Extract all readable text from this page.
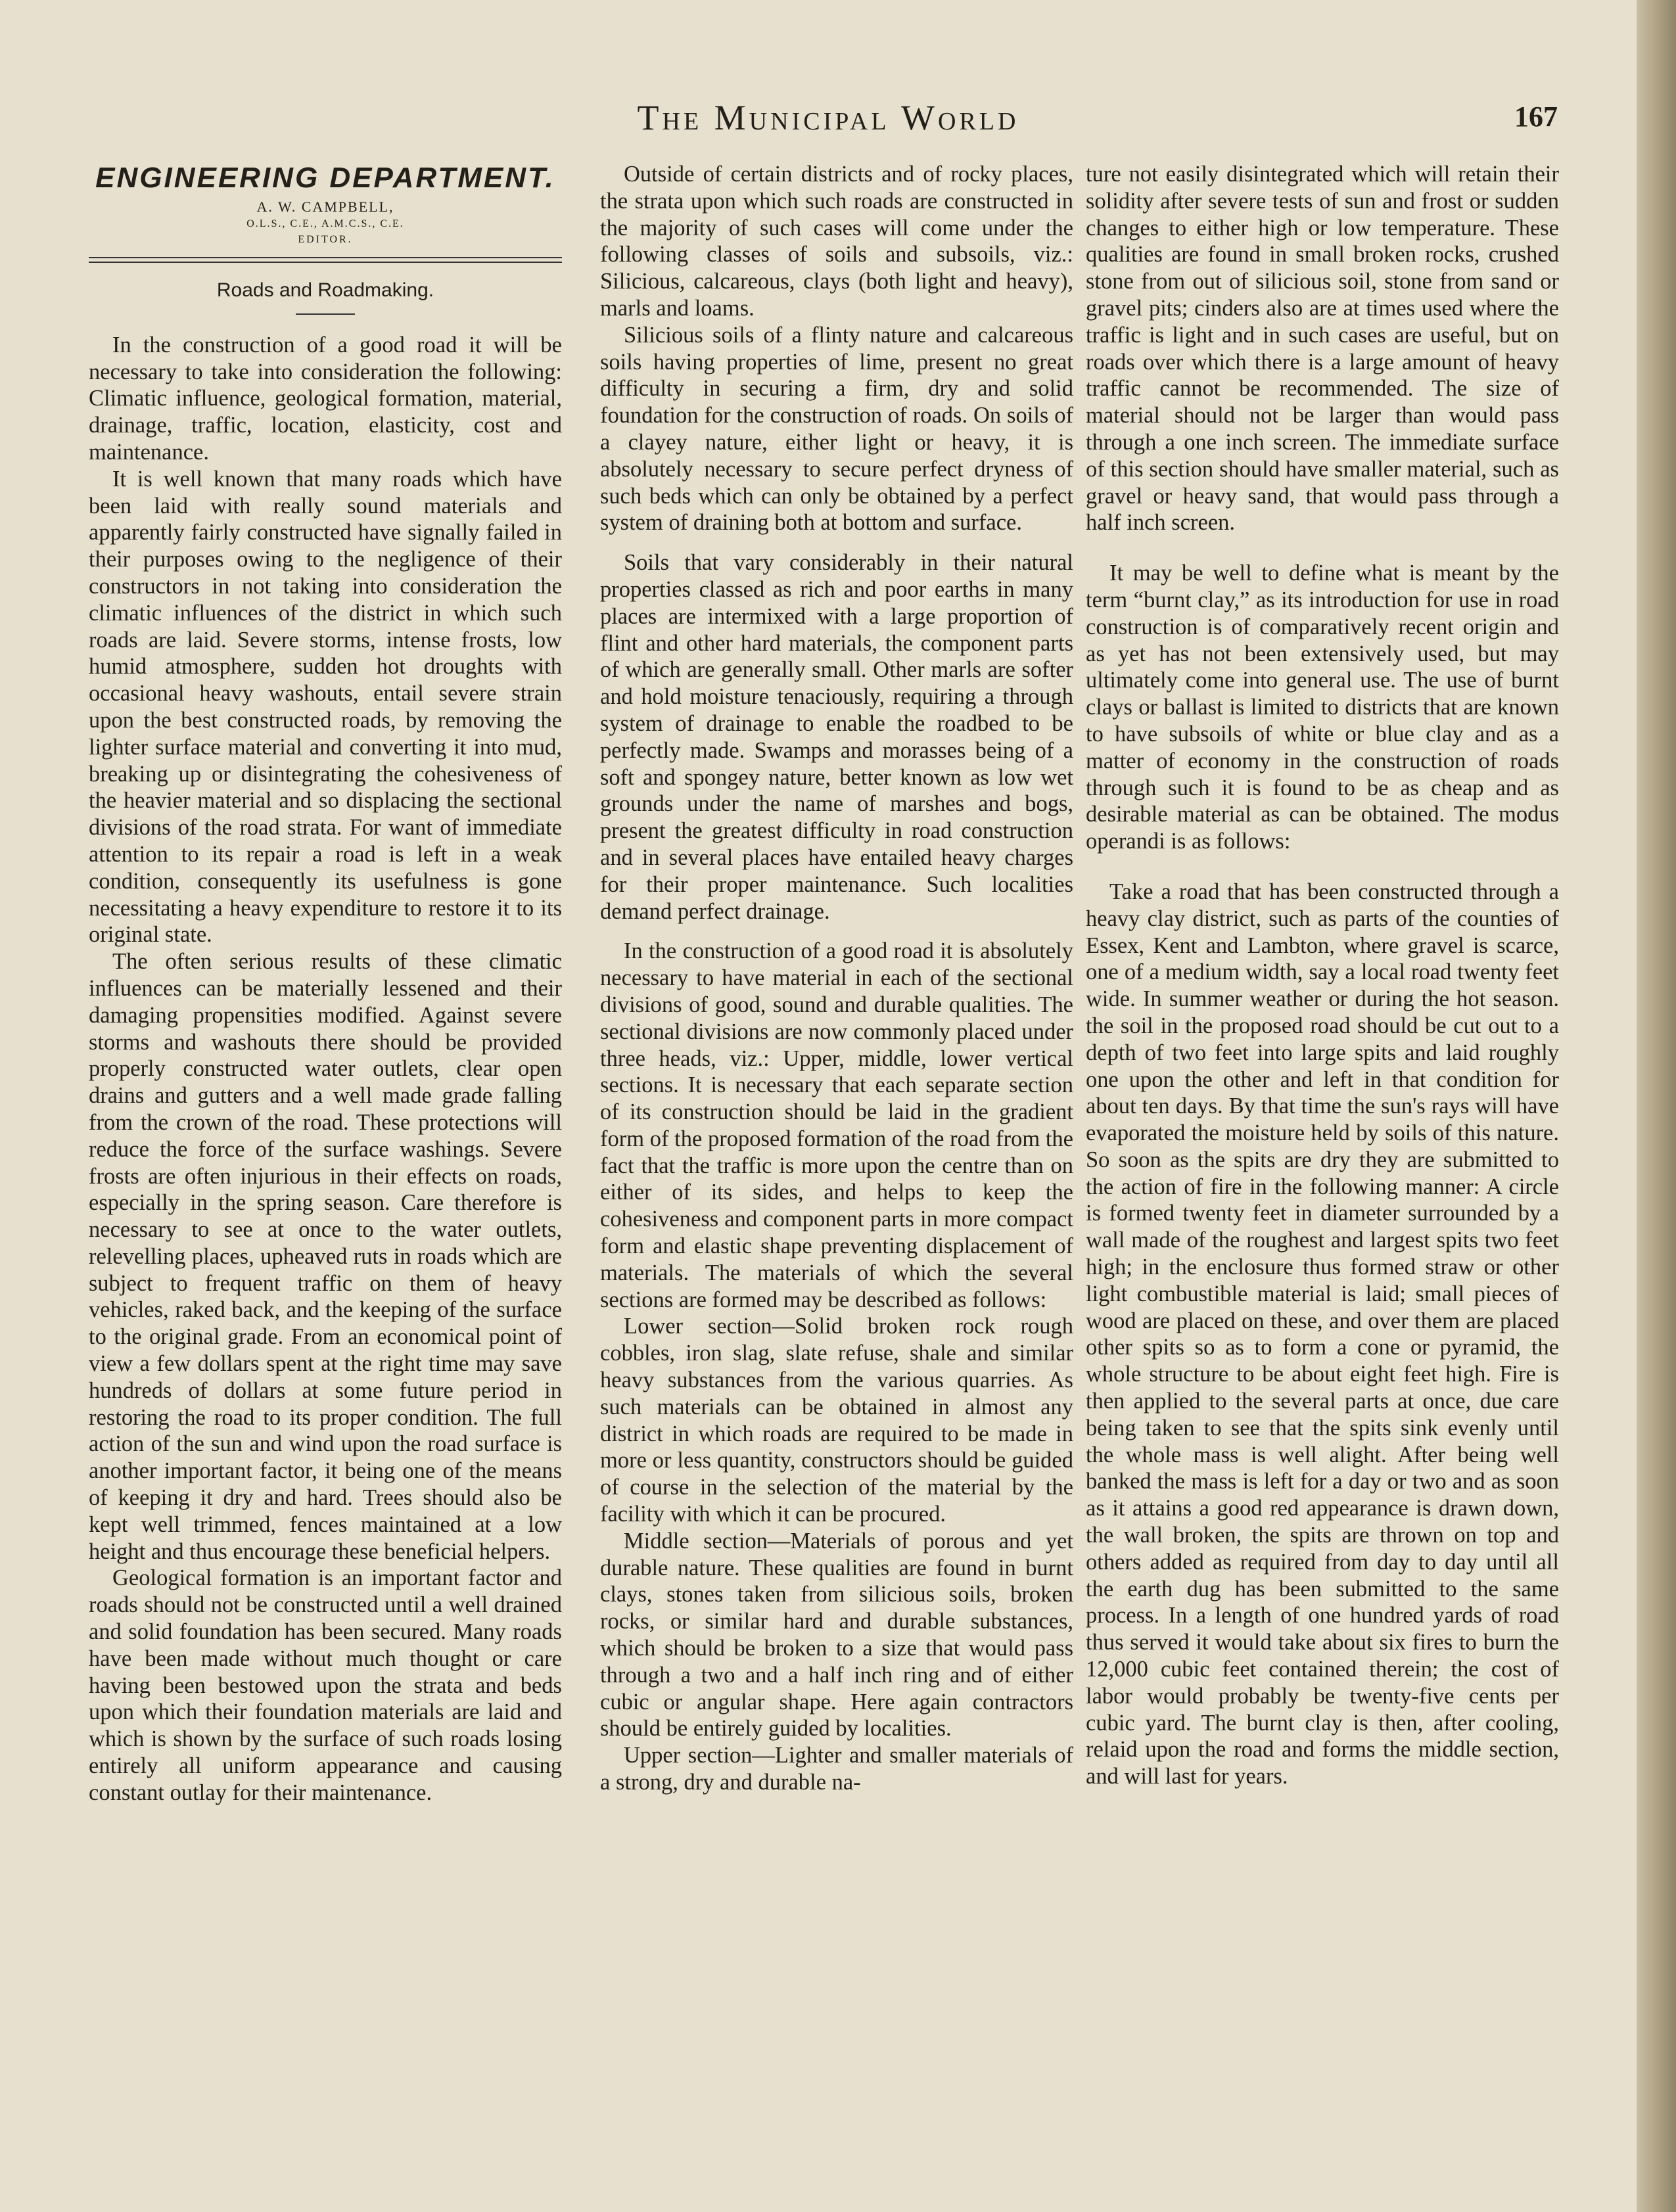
The Municipal World	167
ENGINEERING DEPARTMENT.
A. W. CAMPBELL,
O.L.S., C.E., A.M.C.S., C.E.
EDITOR.
Roads and Roadmaking.

In the construction of a good road it will be necessary to take into consideration the following: Climatic influence, geological formation, material, drainage, traffic, location, elasticity, cost and maintenance.

It is well known that many roads which have been laid with really sound materials and apparently fairly constructed have signally failed in their purposes owing to the negligence of their constructors in not taking into consideration the climatic influences of the district in which such roads are laid. Severe storms, intense frosts, low humid atmosphere, sudden hot droughts with occasional heavy washouts, entail severe strain upon the best constructed roads, by removing the lighter surface material and converting it into mud, breaking up or disintegrating the cohesiveness of the heavier material and so displacing the sectional divisions of the road strata. For want of immediate attention to its repair a road is left in a weak condition, consequently its usefulness is gone necessitating a heavy expenditure to restore it to its original state.

The often serious results of these climatic influences can be materially lessened and their damaging propensities modified. Against severe storms and washouts there should be provided properly constructed water outlets, clear open drains and gutters and a well made grade falling from the crown of the road. These protections will reduce the force of the surface washings. Severe frosts are often injurious in their effects on roads, especially in the spring season. Care therefore is necessary to see at once to the water outlets, relevelling places, upheaved ruts in roads which are subject to frequent traffic on them of heavy vehicles, raked back, and the keeping of the surface to the original grade. From an economical point of view a few dollars spent at the right time may save hundreds of dollars at some future period in restoring the road to its proper condition. The full action of the sun and wind upon the road surface is another important factor, it being one of the means of keeping it dry and hard. Trees should also be kept well trimmed, fences maintained at a low height and thus encourage these beneficial helpers.

Geological formation is an important factor and roads should not be constructed until a well drained and solid foundation has been secured. Many roads have been made without much thought or care having been bestowed upon the strata and beds upon which their foundation materials are laid and which is shown by the surface of such roads losing entirely all uniform appearance and causing constant outlay for their maintenance.

Outside of certain districts and of rocky places, the strata upon which such roads are constructed in the majority of such cases will come under the following classes of soils and subsoils, viz.: Silicious, calcareous, clays (both light and heavy), marls and loams.

Silicious soils of a flinty nature and calcareous soils having properties of lime, present no great difficulty in securing a firm, dry and solid foundation for the construction of roads. On soils of a clayey nature, either light or heavy, it is absolutely necessary to secure perfect dryness of such beds which can only be obtained by a perfect system of draining both at bottom and surface.

Soils that vary considerably in their natural properties classed as rich and poor earths in many places are intermixed with a large proportion of flint and other hard materials, the component parts of which are generally small. Other marls are softer and hold moisture tenaciously, requiring a through system of drainage to enable the roadbed to be perfectly made. Swamps and morasses being of a soft and spongey nature, better known as low wet grounds under the name of marshes and bogs, present the greatest difficulty in road construction and in several places have entailed heavy charges for their proper maintenance. Such localities demand perfect drainage.

In the construction of a good road it is absolutely necessary to have material in each of the sectional divisions of good, sound and durable qualities. The sectional divisions are now commonly placed under three heads, viz.: Upper, middle, lower vertical sections. It is necessary that each separate section of its construction should be laid in the gradient form of the proposed formation of the road from the fact that the traffic is more upon the centre than on either of its sides, and helps to keep the cohesiveness and component parts in more compact form and elastic shape preventing displacement of materials. The materials of which the several sections are formed may be described as follows:

Lower section—Solid broken rock rough cobbles, iron slag, slate refuse, shale and similar heavy substances from the various quarries. As such materials can be obtained in almost any district in which roads are required to be made in more or less quantity, constructors should be guided of course in the selection of the material by the facility with which it can be procured.

Middle section—Materials of porous and yet durable nature. These qualities are found in burnt clays, stones taken from silicious soils, broken rocks, or similar hard and durable substances, which should be broken to a size that would pass through a two and a half inch ring and of either cubic or angular shape. Here again contractors should be entirely guided by localities.

Upper section—Lighter and smaller materials of a strong, dry and durable na-

ture not easily disintegrated which will retain their solidity after severe tests of sun and frost or sudden changes to either high or low temperature. These qualities are found in small broken rocks, crushed stone from out of silicious soil, stone from sand or gravel pits; cinders also are at times used where the traffic is light and in such cases are useful, but on roads over which there is a large amount of heavy traffic cannot be recommended. The size of material should not be larger than would pass through a one inch screen. The immediate surface of this section should have smaller material, such as gravel or heavy sand, that would pass through a half inch screen.

It may be well to define what is meant by the term “burnt clay,” as its introduction for use in road construction is of comparatively recent origin and as yet has not been extensively used, but may ultimately come into general use. The use of burnt clays or ballast is limited to districts that are known to have subsoils of white or blue clay and as a matter of economy in the construction of roads through such it is found to be as cheap and as desirable material as can be obtained. The modus operandi is as follows:

Take a road that has been constructed through a heavy clay district, such as parts of the counties of Essex, Kent and Lambton, where gravel is scarce, one of a medium width, say a local road twenty feet wide. In summer weather or during the hot season. the soil in the proposed road should be cut out to a depth of two feet into large spits and laid roughly one upon the other and left in that condition for about ten days. By that time the sun's rays will have evaporated the moisture held by soils of this nature. So soon as the spits are dry they are submitted to the action of fire in the following manner: A circle is formed twenty feet in diameter surrounded by a wall made of the roughest and largest spits two feet high; in the enclosure thus formed straw or other light combustible material is laid; small pieces of wood are placed on these, and over them are placed other spits so as to form a cone or pyramid, the whole structure to be about eight feet high. Fire is then applied to the several parts at once, due care being taken to see that the spits sink evenly until the whole mass is well alight. After being well banked the mass is left for a day or two and as soon as it attains a good red appearance is drawn down, the wall broken, the spits are thrown on top and others added as required from day to day until all the earth dug has been submitted to the same process. In a length of one hundred yards of road thus served it would take about six fires to burn the 12,000 cubic feet contained therein; the cost of labor would probably be twenty-five cents per cubic yard. The burnt clay is then, after cooling, relaid upon the road and forms the middle section, and will last for years.
